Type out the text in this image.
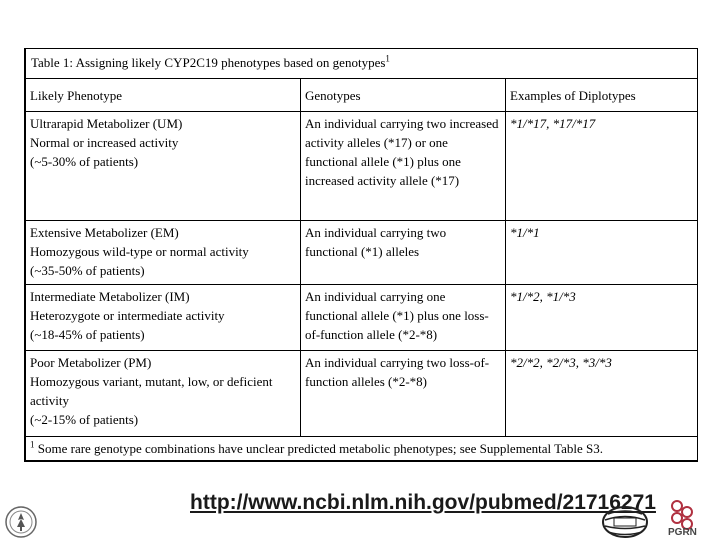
Table 1: Assigning likely CYP2C19 phenotypes based on genotypes$^1$
Likely Phenotype	Genotypes	Examples of Diplotypes

Ultrarapid Metabolizer (UM)
Normal or increased activity
(~5-30% of patients)	An individual carrying two increased activity alleles (*17) or one functional allele (*1) plus one increased activity allele (*17)	*1/*17, *17/*17

Extensive Metabolizer (EM)
Homozygous wild-type or normal activity
(~35-50% of patients)	An individual carrying two functional (*1) alleles	*1/*1

Intermediate Metabolizer (IM)
Heterozygote or intermediate activity
(~18-45% of patients)	An individual carrying one functional allele (*1) plus one loss-of-function allele (*2-*8)	*1/*2, *1/*3

Poor Metabolizer (PM)
Homozygous variant, mutant, low, or deficient activity
(~2-15% of patients)	An individual carrying two loss-of-function alleles (*2-*8)	*2/*2, *2/*3, *3/*3
$^1$ Some rare genotype combinations have unclear predicted metabolic phenotypes; see Supplemental Table S3.		
http://www.ncbi.nlm.nih.gov/pubmed/21716271
PGRN
